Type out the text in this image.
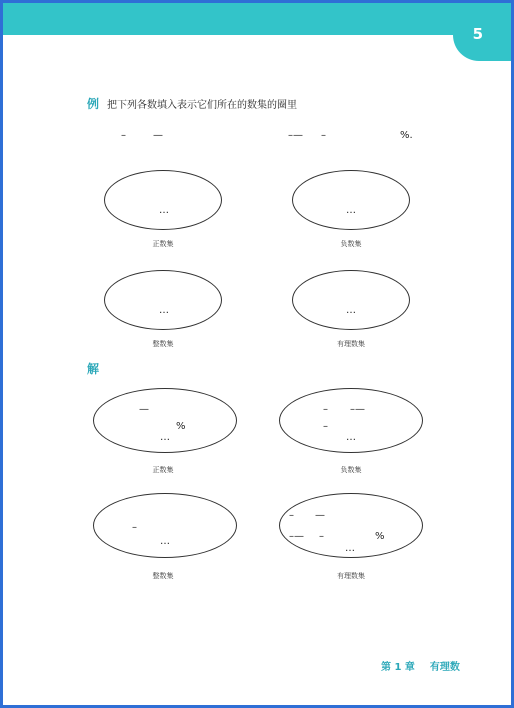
5
例 把下列各数填入表示它们所在的数集的圈里
–	—	–— –	%.
…
正数集
…
负数集
…
整数集
…
有理数集
解
—
%
…
正数集
– –—
–
…
负数集
–
…
整数集
– —
–— –	%
…
有理数集
第 1 章 有理数
